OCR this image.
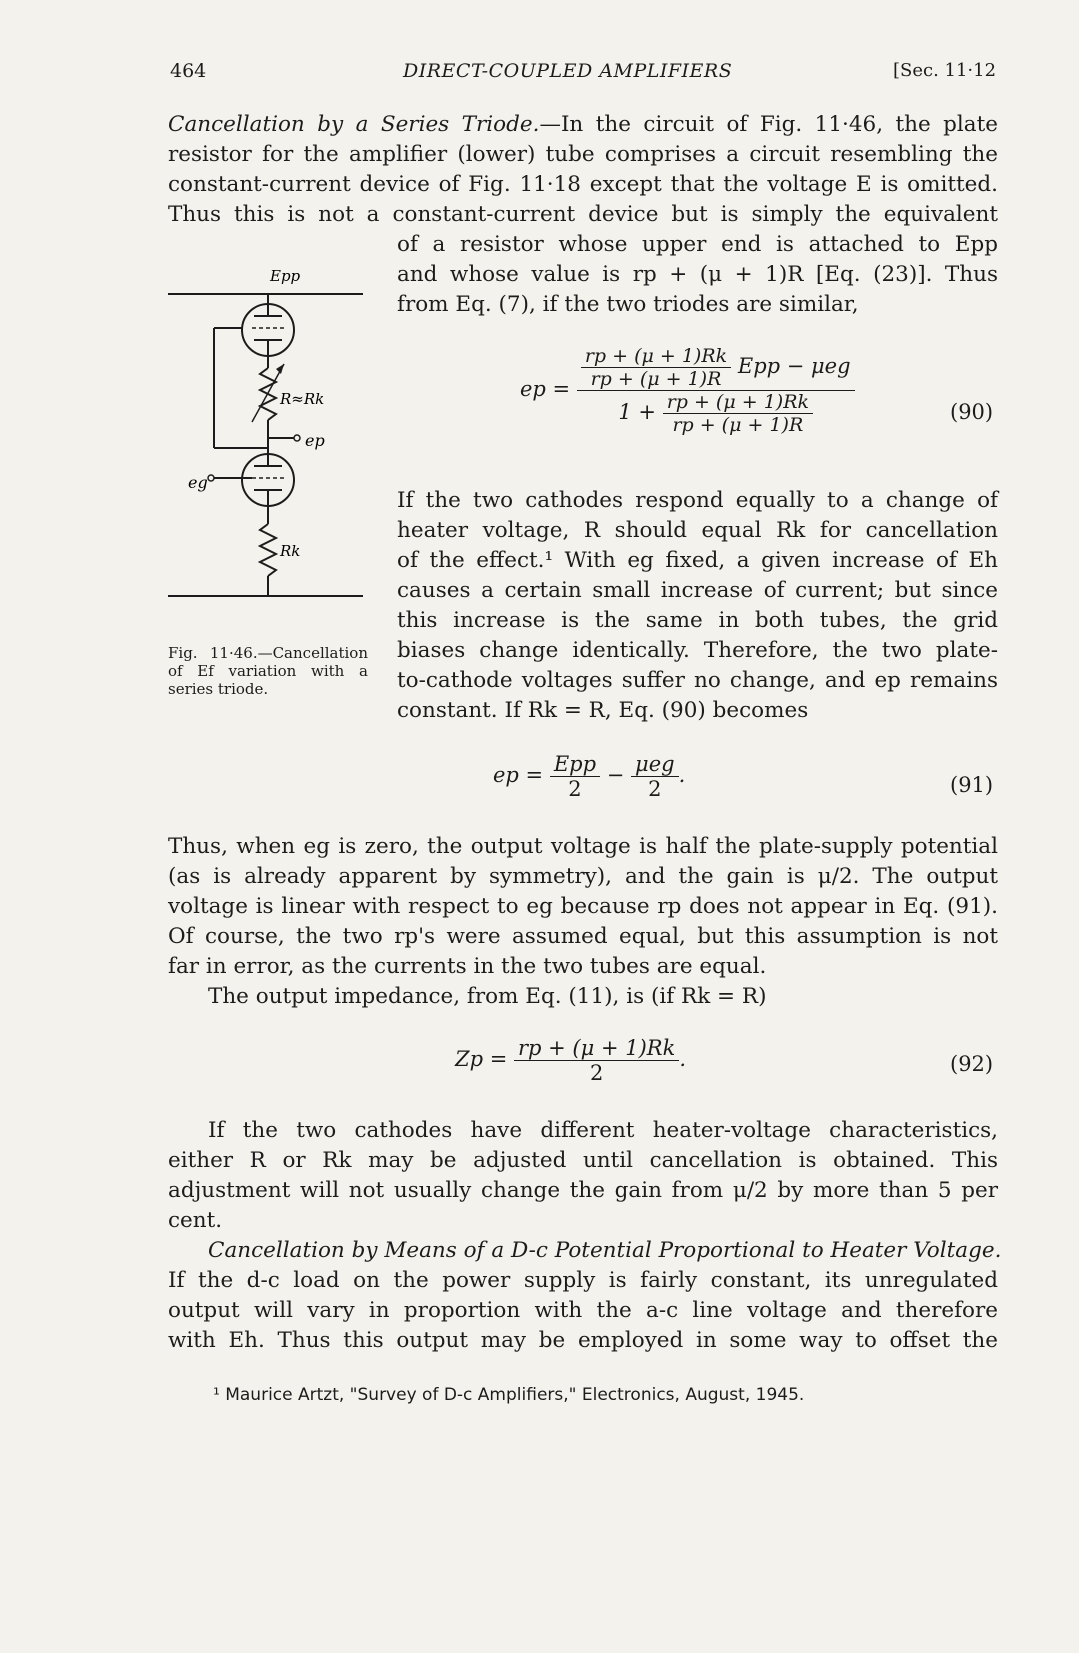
464	DIRECT-COUPLED AMPLIFIERS	[Sec. 11·12
Cancellation by a Series Triode.—In the circuit of Fig. 11·46, the plate
resistor for the amplifier (lower) tube comprises a circuit resembling the
constant-current device of Fig. 11·18 except that the voltage E is omitted.
Thus this is not a constant-current device but is simply the equivalent
of a resistor whose upper end is attached to Epp
and whose value is rp + (μ + 1)R [Eq. (23)]. Thus
from Eq. (7), if the two triodes are similar,
ep = $\frac{\frac{rp + (\mu + 1)Rk}{rp + (\mu + 1)R} Epp - \mu eg}{1 + \frac{rp + (\mu + 1)Rk}{rp + (\mu + 1)R}}$	(90)
If the two cathodes respond equally to a change of
heater voltage, R should equal Rk for cancellation
of the effect.¹ With eg fixed, a given increase of Eh
causes a certain small increase of current; but since
this increase is the same in both tubes, the grid
biases change identically. Therefore, the two plate-
to-cathode voltages suffer no change, and ep remains
constant. If Rk = R, Eq. (90) becomes
Epp
R≈Rk
ep
eg
Rk
Fig. 11·46.—Cancellation of Ef variation with a series triode.
ep = $\frac{\text{Epp}}{2} - \frac{\text{μeg}}{2}$ .	(91)
Thus, when eg is zero, the output voltage is half the plate-supply potential
(as is already apparent by symmetry), and the gain is μ/2. The output
voltage is linear with respect to eg because rp does not appear in Eq. (91).
Of course, the two rp's were assumed equal, but this assumption is not
far in error, as the currents in the two tubes are equal.
The output impedance, from Eq. (11), is (if Rk = R)
$Zp = \frac{rp + (\mu + 1)Rk}{2}$ .	(92)
If the two cathodes have different heater-voltage characteristics,
either R or Rk may be adjusted until cancellation is obtained. This
adjustment will not usually change the gain from μ/2 by more than 5 per
cent.
Cancellation by Means of a D-c Potential Proportional to Heater Voltage.
If the d-c load on the power supply is fairly constant, its unregulated
output will vary in proportion with the a-c line voltage and therefore
with Eh. Thus this output may be employed in some way to offset the
¹ Maurice Artzt, "Survey of D-c Amplifiers," Electronics, August, 1945.
